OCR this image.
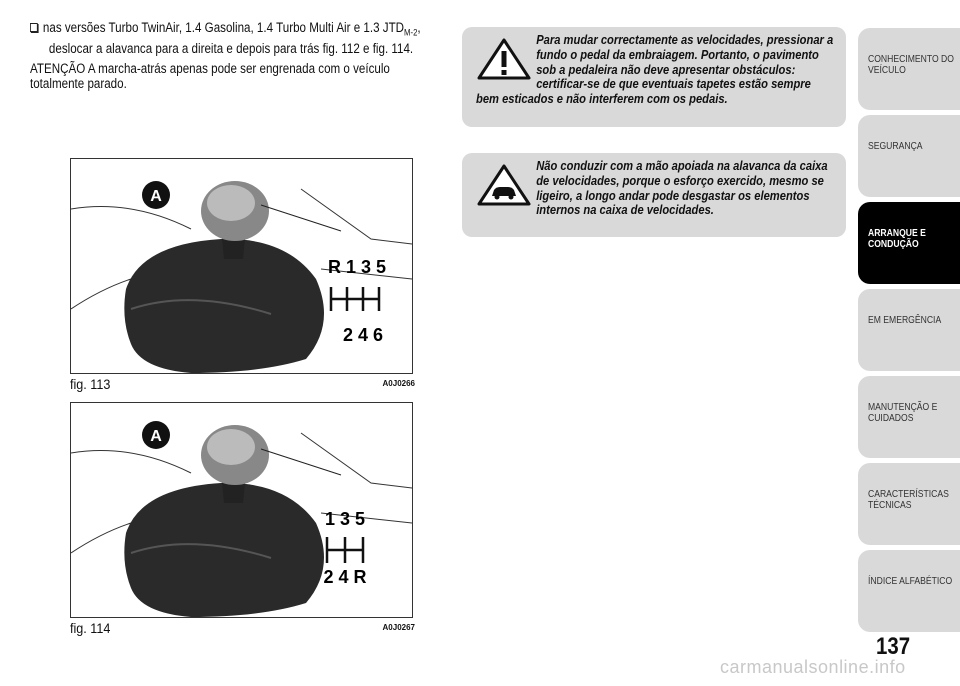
nas versões Turbo TwinAir, 1.4 Gasolina, 1.4 Turbo Multi Air e 1.3 $JTD_{M-2}$, deslocar a alavanca para a direita e depois para trás fig. 112 e fig. 114.
ATENÇÃO A marcha-atrás apenas pode ser engrenada com o veículo totalmente parado.
A
R 1 3 5
2 4 6
fig. 113	A0J0266
A
1 3 5
2 4 R
fig. 114	A0J0267
Para mudar correctamente as velocidades, pressionar a fundo o pedal da embraiagem. Portanto, o pavimento sob a pedaleira não deve apresentar obstáculos: certificar-se de que eventuais tapetes estão sempre bem esticados e não interferem com os pedais.
Não conduzir com a mão apoiada na alavanca da caixa de velocidades, porque o esforço exercido, mesmo se ligeiro, a longo andar pode desgastar os elementos internos na caixa de velocidades.
CONHECIMENTO DO
VEÍCULO
SEGURANÇA
ARRANQUE E
CONDUÇÃO
EM EMERGÊNCIA
MANUTENÇÃO E
CUIDADOS
CARACTERÍSTICAS
TÉCNICAS
ÍNDICE ALFABÉTICO
137
carmanualsonline.info
